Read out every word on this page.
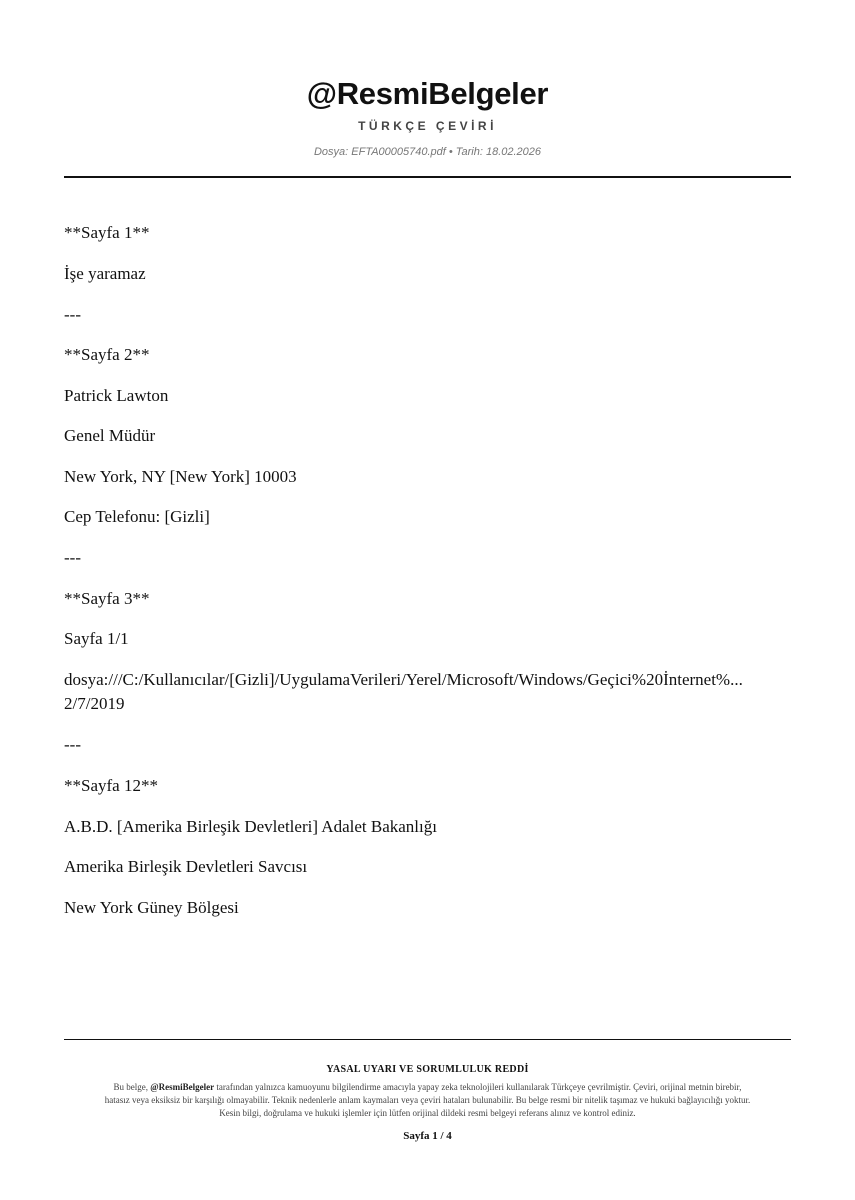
@ResmiBelgeler
TÜRKÇE ÇEVİRİ
Dosya: EFTA00005740.pdf • Tarih: 18.02.2026
**Sayfa 1**
İşe yaramaz
---
**Sayfa 2**
Patrick Lawton
Genel Müdür
New York, NY [New York] 10003
Cep Telefonu: [Gizli]
---
**Sayfa 3**
Sayfa 1/1
dosya:///C:/Kullanıcılar/[Gizli]/UygulamaVerileri/Yerel/Microsoft/Windows/Geçici%20İnternet%...
2/7/2019
---
**Sayfa 12**
A.B.D. [Amerika Birleşik Devletleri] Adalet Bakanlığı
Amerika Birleşik Devletleri Savcısı
New York Güney Bölgesi
YASAL UYARI VE SORUMLULUK REDDİ
Bu belge, @ResmiBelgeler tarafından yalnızca kamuoyunu bilgilendirme amacıyla yapay zeka teknolojileri kullanılarak Türkçeye çevrilmiştir. Çeviri, orijinal metnin birebir, hatasız veya eksiksiz bir karşılığı olmayabilir. Teknik nedenlerle anlam kaymaları veya çeviri hataları bulunabilir. Bu belge resmi bir nitelik taşımaz ve hukuki bağlayıcılığı yoktur. Kesin bilgi, doğrulama ve hukuki işlemler için lütfen orijinal dildeki resmi belgeyi referans alınız ve kontrol ediniz.
Sayfa 1 / 4
